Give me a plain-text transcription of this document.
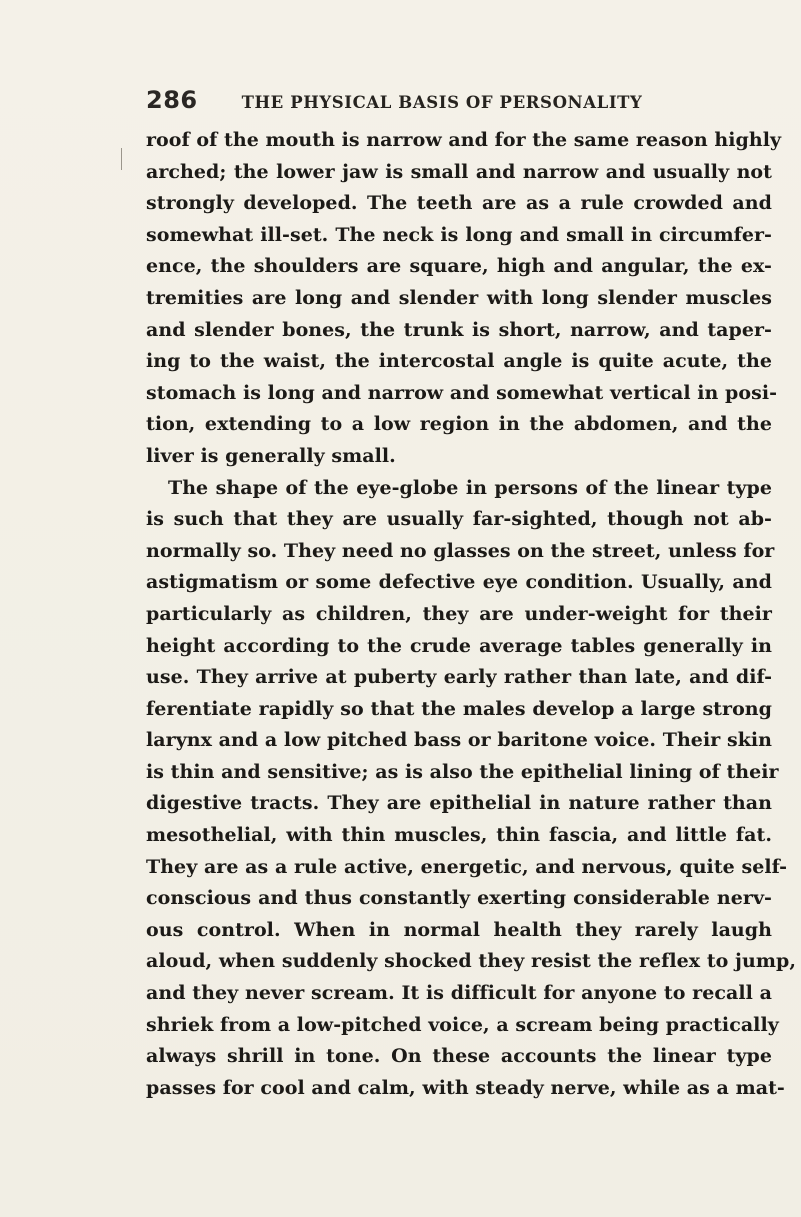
286	THE PHYSICAL BASIS OF PERSONALITY
roof of the mouth is narrow and for the same reason highly
arched; the lower jaw is small and narrow and usually not
strongly developed. The teeth are as a rule crowded and
somewhat ill-set. The neck is long and small in circumfer-
ence, the shoulders are square, high and angular, the ex-
tremities are long and slender with long slender muscles
and slender bones, the trunk is short, narrow, and taper-
ing to the waist, the intercostal angle is quite acute, the
stomach is long and narrow and somewhat vertical in posi-
tion, extending to a low region in the abdomen, and the
liver is generally small.
The shape of the eye-globe in persons of the linear type
is such that they are usually far-sighted, though not ab-
normally so. They need no glasses on the street, unless for
astigmatism or some defective eye condition. Usually, and
particularly as children, they are under-weight for their
height according to the crude average tables generally in
use. They arrive at puberty early rather than late, and dif-
ferentiate rapidly so that the males develop a large strong
larynx and a low pitched bass or baritone voice. Their skin
is thin and sensitive; as is also the epithelial lining of their
digestive tracts. They are epithelial in nature rather than
mesothelial, with thin muscles, thin fascia, and little fat.
They are as a rule active, energetic, and nervous, quite self-
conscious and thus constantly exerting considerable nerv-
ous control. When in normal health they rarely laugh
aloud, when suddenly shocked they resist the reflex to jump,
and they never scream. It is difficult for anyone to recall a
shriek from a low-pitched voice, a scream being practically
always shrill in tone. On these accounts the linear type
passes for cool and calm, with steady nerve, while as a mat-
